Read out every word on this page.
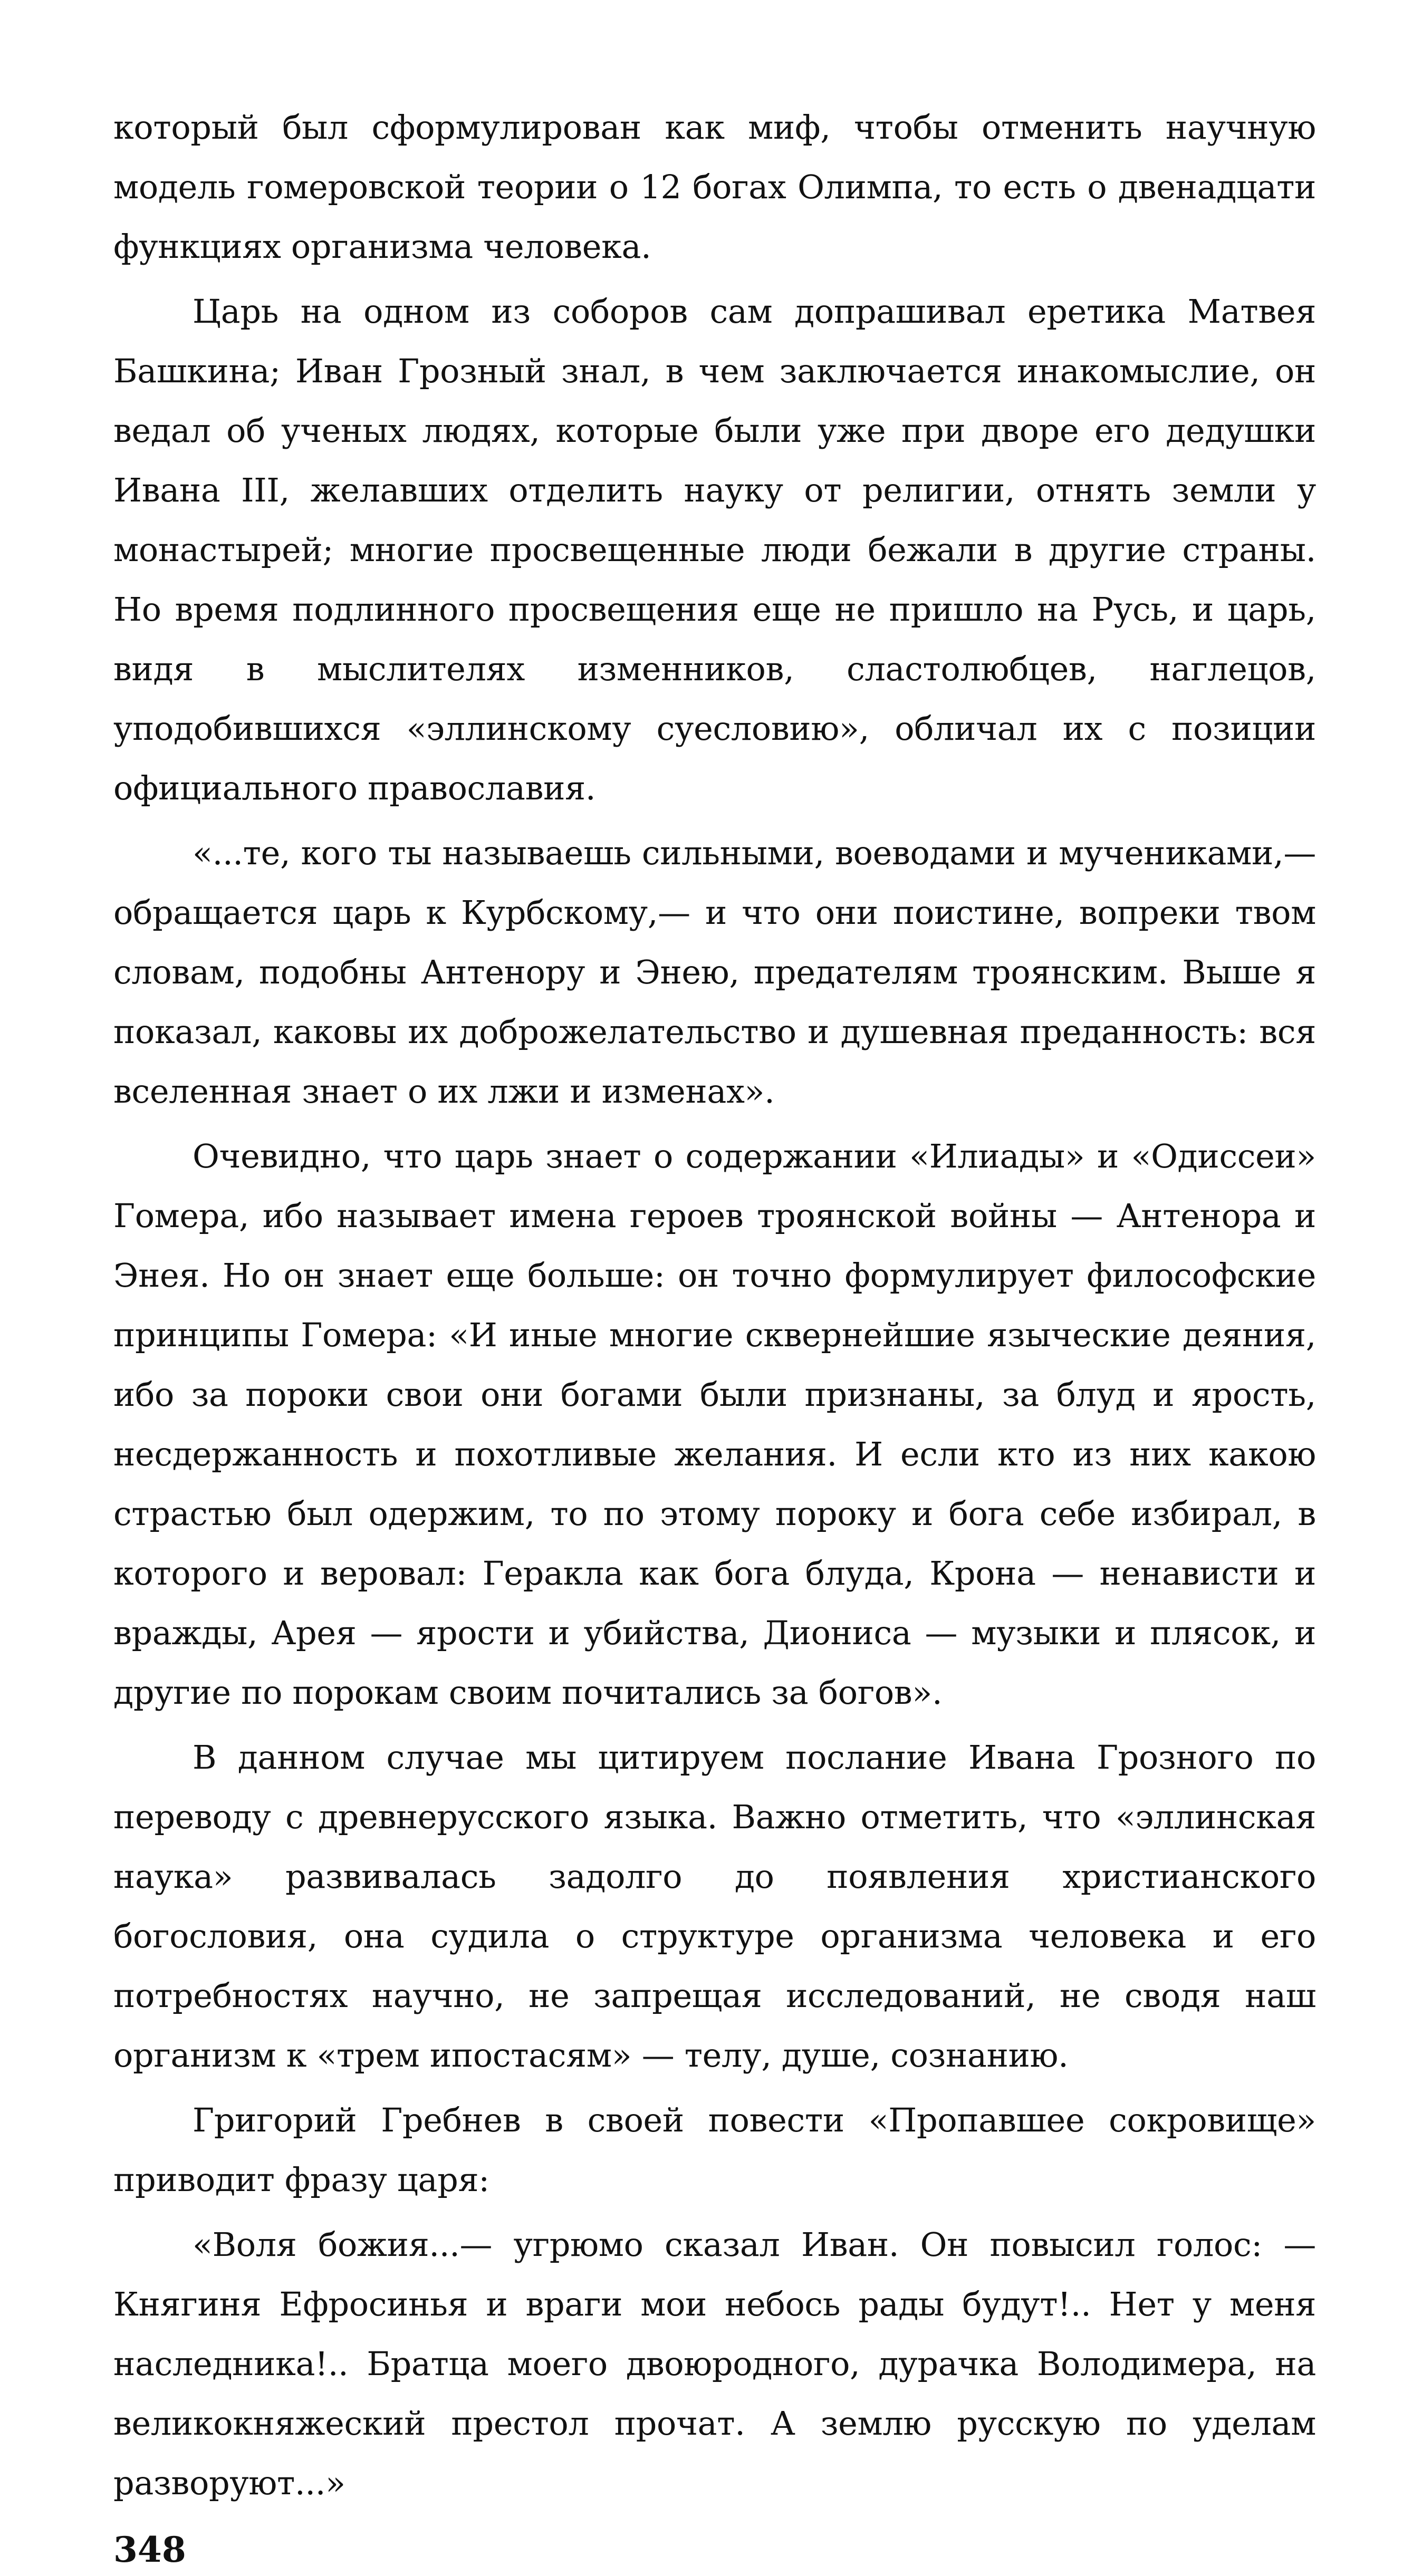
который был сформулирован как миф, чтобы отменить научную модель гомеровской теории о 12 богах Олимпа, то есть о двенадцати функциях организма человека.

Царь на одном из соборов сам допрашивал еретика Матвея Башкина; Иван Грозный знал, в чем заключается инакомыслие, он ведал об ученых людях, которые были уже при дворе его дедушки Ивана III, желавших отделить науку от религии, отнять земли у монастырей; многие просвещенные люди бежали в другие страны. Но время подлинного просвещения еще не пришло на Русь, и царь, видя в мыслителях изменников, сластолюбцев, наглецов, уподобившихся «эллинскому суесловию», обличал их с позиции официального православия.

«...те, кого ты называешь сильными, воеводами и мучениками,— обращается царь к Курбскому,— и что они поистине, вопреки твом словам, подобны Антенору и Энею, предателям троянским. Выше я показал, каковы их доброжелательство и душевная преданность: вся вселенная знает о их лжи и изменах».

Очевидно, что царь знает о содержании «Илиады» и «Одиссеи» Гомера, ибо называет имена героев троянской войны — Антенора и Энея. Но он знает еще больше: он точно формулирует философские принципы Гомера: «И иные многие сквернейшие языческие деяния, ибо за пороки свои они богами были признаны, за блуд и ярость, несдержанность и похотливые желания. И если кто из них какою страстью был одержим, то по этому пороку и бога себе избирал, в которого и веровал: Геракла как бога блуда, Крона — ненависти и вражды, Арея — ярости и убийства, Диониса — музыки и плясок, и другие по порокам своим почитались за богов».

В данном случае мы цитируем послание Ивана Грозного по переводу с древнерусского языка. Важно отметить, что «эллинская наука» развивалась задолго до появления христианского богословия, она судила о структуре организма человека и его потребностях научно, не запрещая исследований, не сводя наш организм к «трем ипостасям» — телу, душе, сознанию.

Григорий Гребнев в своей повести «Пропавшее сокровище» приводит фразу царя:

«Воля божия...— угрюмо сказал Иван. Он повысил голос: — Княгиня Ефросинья и враги мои небось рады будут!.. Нет у меня наследника!.. Братца моего двоюродного, дурачка Володимера, на великокняжеский престол прочат. А землю русскую по уделам разворуют...»

348
